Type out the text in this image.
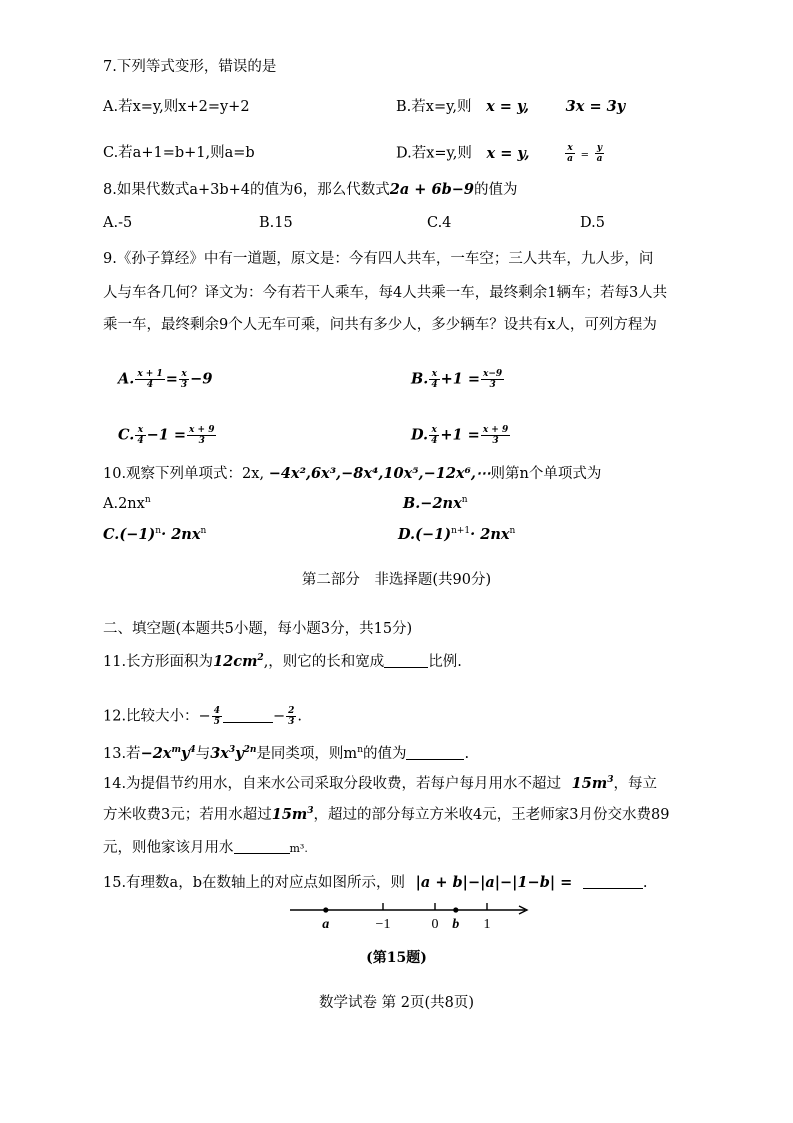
7.下列等式变形，错误的是
A.若x=y,则x+2=y+2	B.若x=y,则 x = y,	3x = 3y
C.若a+1=b+1,则a=b	D.若x=y,则 x = y,	$\frac{x}{a} = \frac{y}{a}$
8.如果代数式a+3b+4的值为6，那么代数式2a + 6b−9的值为
A.-5	B.15	C.4	D.5
9.《孙子算经》中有一道题，原文是：今有四人共车，一车空；三人共车，九人步，问
人与车各几何？译文为：今有若干人乘车，每4人共乘一车，最终剩余1辆车；若每3人共
乘一车，最终剩余9个人无车可乘，问共有多少人，多少辆车？设共有x人，可列方程为
A. $\frac{x + 1}{4} = \frac{x}{3} -9$	B. $\frac{x}{4} +1 = \frac{x-9}{3}$
C. $\frac{x}{4} -1 = \frac{x + 9}{3}$	D. $\frac{x}{4} +1 = \frac{x + 9}{3}$
10.观察下列单项式：2x, −4x²,6x³,−8x⁴,10x⁵,−12x⁶,⋯则第n个单项式为
$A.2nx^n$	$B.-2nx^n$
$C.(-1)^n\cdot 2nx^n$	$D.(-1)^{n+1}\cdot 2nx^n$
第二部分　非选择题(共90分)
二、填空题(本题共5小题，每小题3分，共15分)
11.长方形面积为$12cm^2$,，则它的长和宽成	比例.
12.比较大小：− $\frac{4}{5}$	− $\frac{2}{3}$ .
13.若$-2x^my^4$与$3x^3y^{2n}$是同类项，则$m^n$的值为	.
14.为提倡节约用水，自来水公司采取分段收费，若每户每月用水不超过 $15m^3$，每立
方米收费3元；若用水超过$15m^3$，超过的部分每立方米收4元，王老师家3月份交水费89
元，则他家该月用水	m³.
15.有理数a，b在数轴上的对应点如图所示，则 |a + b|−|a|−|1−b| =	.
a	−1	0 b 1
(第15题)
数学试卷 第 2页(共8页)
